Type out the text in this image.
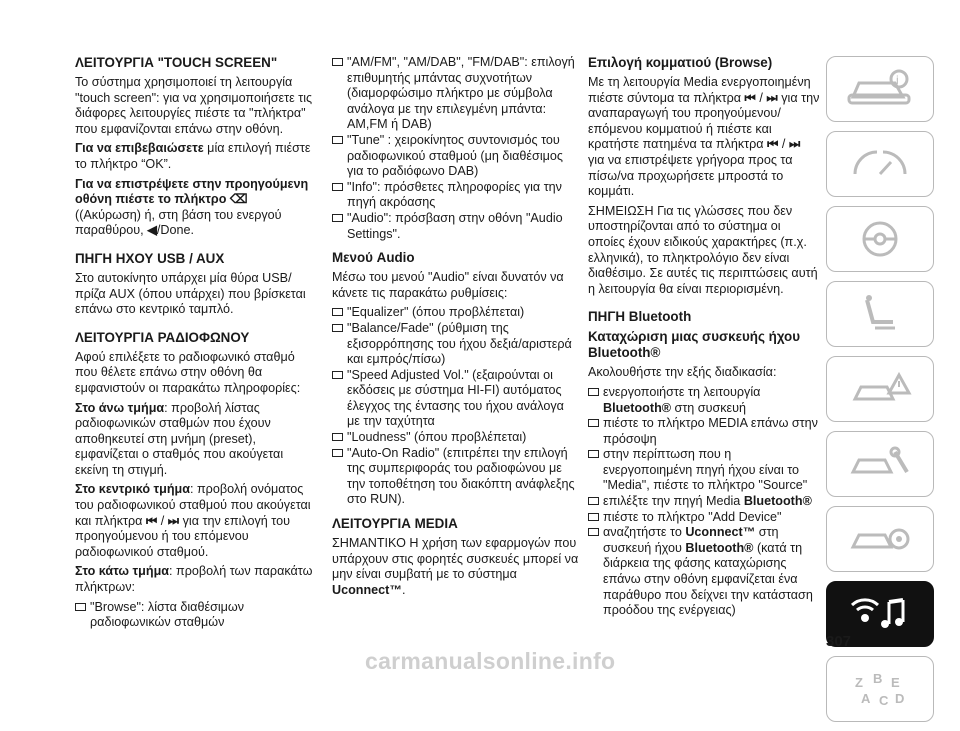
ΛΕΙΤΟΥΡΓΙΑ "TOUCH SCREEN"
Το σύστημα χρησιμοποιεί τη λειτουργία "touch screen": για να χρησιμοποιήσετε τις διάφορες λειτουργίες πιέστε τα "πλήκτρα" που εμφανίζονται επάνω στην οθόνη.
Για να επιβεβαιώσετε μία επιλογή πιέστε το πλήκτρο “OK”.
Για να επιστρέψετε στην προηγούμενη οθόνη πιέστε το πλήκτρο ⌫ ((Ακύρωση) ή, στη βάση του ενεργού παραθύρου, ◀/Done.
ΠΗΓΗ ΗΧΟΥ USB / AUX
Στο αυτοκίνητο υπάρχει μία θύρα USB/πρίζα AUX (όπου υπάρχει) που βρίσκεται επάνω στο κεντρικό ταμπλό.
ΛΕΙΤΟΥΡΓΙΑ ΡΑΔΙΟΦΩΝΟΥ
Αφού επιλέξετε το ραδιοφωνικό σταθμό που θέλετε επάνω στην οθόνη θα εμφανιστούν οι παρακάτω πληροφορίες:
Στο άνω τμήμα: προβολή λίστας ραδιοφωνικών σταθμών που έχουν αποθηκευτεί στη μνήμη (preset), εμφανίζεται ο σταθμός που ακούγεται εκείνη τη στιγμή.
Στο κεντρικό τμήμα: προβολή ονόματος του ραδιοφωνικού σταθμού που ακούγεται και πλήκτρα ⏮ / ⏭ για την επιλογή του προηγούμενου ή του επόμενου ραδιοφωνικού σταθμού.
Στο κάτω τμήμα: προβολή των παρακάτω πλήκτρων:
"Browse": λίστα διαθέσιμων ραδιοφωνικών σταθμών
"AM/FM", "AM/DAB", "FM/DAB": επιλογή επιθυμητής μπάντας συχνοτήτων (διαμορφώσιμο πλήκτρο με σύμβολα ανάλογα με την επιλεγμένη μπάντα: AM,FM ή DAB)
"Tune" : χειροκίνητος συντονισμός του ραδιοφωνικού σταθμού (μη διαθέσιμος για το ραδιόφωνο DAB)
"Info": πρόσθετες πληροφορίες για την πηγή ακρόασης
"Audio": πρόσβαση στην οθόνη "Audio Settings".
Μενού Audio
Μέσω του μενού "Audio" είναι δυνατόν να κάνετε τις παρακάτω ρυθμίσεις:
"Equalizer" (όπου προβλέπεται)
"Balance/Fade" (ρύθμιση της εξισορρόπησης του ήχου δεξιά/αριστερά και εμπρός/πίσω)
"Speed Adjusted Vol." (εξαιρούνται οι εκδόσεις με σύστημα HI-FI) αυτόματος έλεγχος της έντασης του ήχου ανάλογα με την ταχύτητα
"Loudness" (όπου προβλέπεται)
"Auto-On Radio" (επιτρέπει την επιλογή της συμπεριφοράς του ραδιοφώνου με την τοποθέτηση του διακόπτη ανάφλεξης στο RUN).
ΛΕΙΤΟΥΡΓΙΑ MEDIA
ΣΗΜΑΝΤΙΚΟ Η χρήση των εφαρμογών που υπάρχουν στις φορητές συσκευές μπορεί να μην είναι συμβατή με το σύστημα Uconnect™.
Επιλογή κομματιού (Browse)
Με τη λειτουργία Media ενεργοποιημένη πιέστε σύντομα τα πλήκτρα ⏮ / ⏭ για την αναπαραγωγή του προηγούμενου/επόμενου κομματιού ή πιέστε και κρατήστε πατημένα τα πλήκτρα ⏮ / ⏭ για να επιστρέψετε γρήγορα προς τα πίσω/να προχωρήσετε μπροστά το κομμάτι.
ΣΗΜΕΙΩΣΗ Για τις γλώσσες που δεν υποστηρίζονται από το σύστημα οι οποίες έχουν ειδικούς χαρακτήρες (π.χ. ελληνικά), το πληκτρολόγιο δεν είναι διαθέσιμο. Σε αυτές τις περιπτώσεις αυτή η λειτουργία θα είναι περιορισμένη.
ΠΗΓΗ Bluetooth
Καταχώριση μιας συσκευής ήχου Bluetooth®
Ακολουθήστε την εξής διαδικασία:
ενεργοποιήστε τη λειτουργία Bluetooth® στη συσκευή
πιέστε το πλήκτρο MEDIA επάνω στην πρόσοψη
στην περίπτωση που η ενεργοποιημένη πηγή ήχου είναι το "Media", πιέστε το πλήκτρο "Source"
επιλέξτε την πηγή Media Bluetooth®
πιέστε το πλήκτρο "Add Device"
αναζητήστε το Uconnect™ στη συσκευή ήχου Bluetooth® (κατά τη διάρκεια της φάσης καταχώρισης επάνω στην οθόνη εμφανίζεται ένα παράθυρο που δείχνει την κατάσταση προόδου της ενέργειας)
i
Z B E
A C D
307
carmanualsonline.info
